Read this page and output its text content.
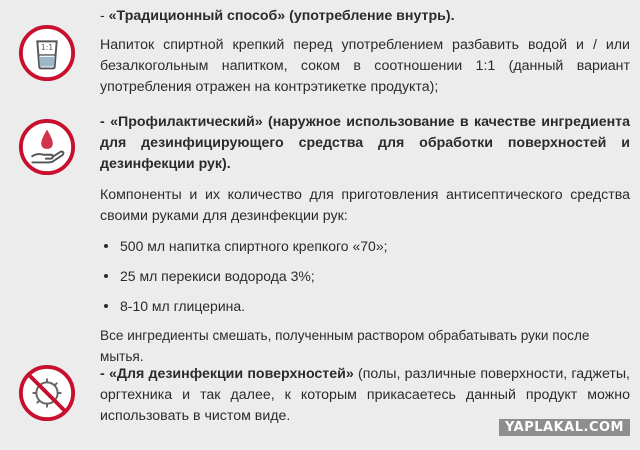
1:1

- «Традиционный способ» (употребление внутрь).

Напиток спиртной крепкий перед употреблением разбавить водой и / или безалкогольным напитком, соком в соотношении 1:1 (данный вариант употребления отражен на контрэтикетке продукта);

- «Профилактический» (наружное использование в качестве ингредиента для дезинфицирующего средства для обработки поверхностей и дезинфекции рук).

Компоненты и их количество для приготовления антисептического средства своими руками для дезинфекции рук:

500 мл напитка спиртного крепкого «70»;
25 мл перекиси водорода 3%;
8-10 мл глицерина.

Все ингредиенты смешать, полученным раствором обрабатывать руки после мытья.

- «Для дезинфекции поверхностей» (полы, различные поверхности, гаджеты, оргтехника и так далее, к которым прикасаетесь данный продукт можно использовать в чистом виде.

YAPLAKAL.COM
